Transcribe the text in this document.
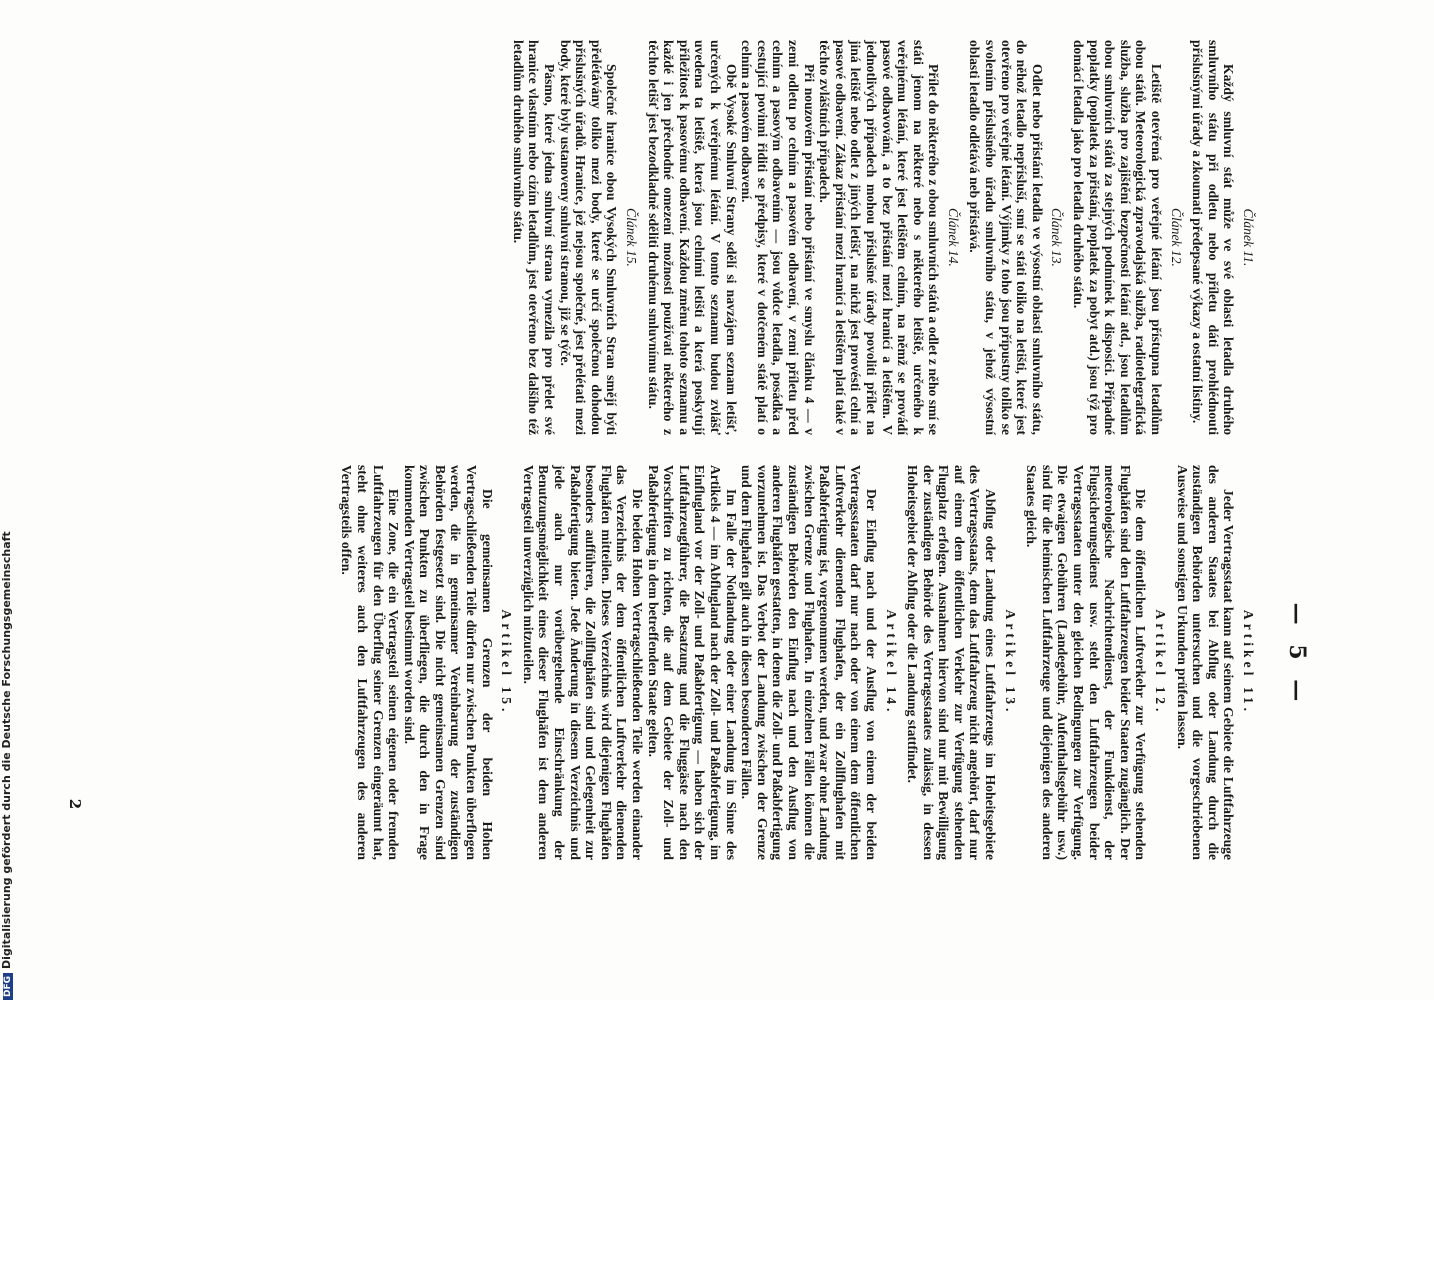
— 5 —
Článek 11.

Každý smluvní stát může ve své oblasti letadla druhého smluvního státu při odletu nebo příletu dáti prohlédnouti příslušnými úřady a zkoumati předepsané výkazy a ostatní listiny.

Článek 12.

Letiště otevřená pro veřejné létání jsou přístupna letadlům obou států. Meteorologická zpravodajská služba, radiotelegrafická služba, služba pro zajištění bezpečnosti létání atd., jsou letadlům obou smluvních států za stejných podmínek k disposici. Případné poplatky (poplatek za přistání, poplatek za pobyt atd.) jsou týž pro domácí letadla jako pro letadla druhého státu.

Článek 13.

Odlet nebo přistání letadla ve výsostní oblasti smluvního státu, do něhož letadlo nepřísluší, smí se státi toliko na letišti, které jest otevřeno pro veřejné létání. Výjimky z toho jsou přípustny toliko se svolením příslušného úřadu smluvního státu, v jehož výsostní oblasti letadlo odlétává neb přistává.

Článek 14.

Přílet do některého z obou smluvních států a odlet z něho smí se státi jenom na některé nebo s některého letiště, určeného k veřejnému létání, které jest letištěm celním, na němž se provádí pasové odbavování, a to bez přistání mezi hranicí a letištěm. V jednotlivých případech mohou příslušné úřady povoliti přílet na jiná letiště nebo odlet z jiných letišť, na nichž jest provésti celní a pasové odbavení. Zákaz přistání mezi hranicí a letištěm platí také v těchto zvláštních případech.

Při nouzovém přistání nebo přistání ve smyslu článku 4 — v zemi odletu po celním a pasovém odbavení, v zemi příletu před celním a pasovým odbavením — jsou vůdce letadla, posádka a cestující povinni řiditi se předpisy, které v dotčeném státě platí o celním a pasovém odbavení.

Obě Vysoké Smluvní Strany sdělí si navzájem seznam letišť, určených k veřejnému létání. V tomto seznamu budou zvlášť uvedena ta letiště, která jsou celními letišti a která poskytují příležitost k pasovému odbavení. Každou změnu tohoto seznamu a každé i jen přechodné omezení možnosti používati některého z těchto letišť jest bezodkladně sděliti druhému smluvnímu státu.

Článek 15.

Společné hranice obou Vysokých Smluvních Stran smějí býti přelétávány toliko mezi body, které se určí společnou dohodou příslušných úřadů. Hranice, jež nejsou společné, jest přelétati mezi body, které byly ustanoveny smluvní stranou, již se týče.

Pásmo, které jedna smluvní strana vymezila pro přelet své hranice vlastním nebo cizím letadlům, jest otevřeno bez dalšího též letadlům druhého smluvního státu.

Artikel 11.

Jeder Vertragsstaat kann auf seinem Gebiete die Luftfahrzeuge des anderen Staates bei Abflug oder Landung durch die zuständigen Behörden untersuchen und die vorgeschriebenen Ausweise und sonstigen Urkunden prüfen lassen.

Artikel 12.

Die dem öffentlichen Luftverkehr zur Verfügung stehenden Flughäfen sind den Luftfahrzeugen beider Staaten zugänglich. Der meteorologische Nachrichtendienst, der Funkdienst, der Flugsicherungsdienst usw. steht den Luftfahrzeugen beider Vertragsstaaten unter den gleichen Bedingungen zur Verfügung. Die etwaigen Gebühren (Landegebühr, Aufenthaltsgebühr usw.) sind für die heimischen Luftfahrzeuge und diejenigen des anderen Staates gleich.

Artikel 13.

Abflug oder Landung eines Luftfahrzeugs im Hoheitsgebiete des Vertragsstaats, dem das Luftfahrzeug nicht angehört, darf nur auf einem dem öffentlichen Verkehr zur Verfügung stehenden Flugplatz erfolgen. Ausnahmen hiervon sind nur mit Bewilligung der zuständigen Behörde des Vertragsstaates zulässig, in dessen Hoheitsgebiet der Abflug oder die Landung stattfindet.

Artikel 14.

Der Einflug nach und der Ausflug von einem der beiden Vertragsstaaten darf nur nach oder von einem dem öffentlichen Luftverkehr dienenden Flughafen, der ein Zollflughafen mit Paßabfertigung ist, vorgenommen werden, und zwar ohne Landung zwischen Grenze und Flughafen. In einzelnen Fällen können die zuständigen Behörden den Einflug nach und den Ausflug von anderen Flughäfen gestatten, in denen die Zoll- und Paßabfertigung vorzunehmen ist. Das Verbot der Landung zwischen der Grenze und dem Flughafen gilt auch in diesen besonderen Fällen.

Im Falle der Notlandung oder einer Landung im Sinne des Artikels 4 — im Abflugland nach der Zoll- und Paßabfertigung, im Einflugland vor der Zoll- und Paßabfertigung — haben sich der Luftfahrzeugführer, die Besatzung und die Fluggäste nach den Vorschriften zu richten, die auf dem Gebiete der Zoll- und Paßabfertigung in dem betreffenden Staate gelten.

Die beiden Hohen Vertragschließenden Teile werden einander das Verzeichnis der dem öffentlichen Luftverkehr dienenden Flughäfen mitteilen. Dieses Verzeichnis wird diejenigen Flughäfen besonders aufführen, die Zollflughäfen sind und Gelegenheit zur Paßabfertigung bieten. Jede Änderung in diesem Verzeichnis und jede auch nur vorübergehende Einschränkung der Benutzungsmöglichkeit eines dieser Flughäfen ist dem anderen Vertragsteil unverzüglich mitzuteilen.

Artikel 15.

Die gemeinsamen Grenzen der beiden Hohen Vertragschließenden Teile dürfen nur zwischen Punkten überflogen werden, die in gemeinsamer Vereinbarung der zuständigen Behörden festgesetzt sind. Die nicht gemeinsamen Grenzen sind zwischen Punkten zu überfliegen, die durch den in Frage kommenden Vertragsteil bestimmt worden sind.

Eine Zone, die ein Vertragsteil seinen eigenen oder fremden Luftfahrzeugen für den Überflug seiner Grenzen eingeräumt hat, steht ohne weiteres auch den Luftfahrzeugen des anderen Vertragsteils offen.

2
DFGDigitalisierung gefördert durch die Deutsche Forschungsgemeinschaft
